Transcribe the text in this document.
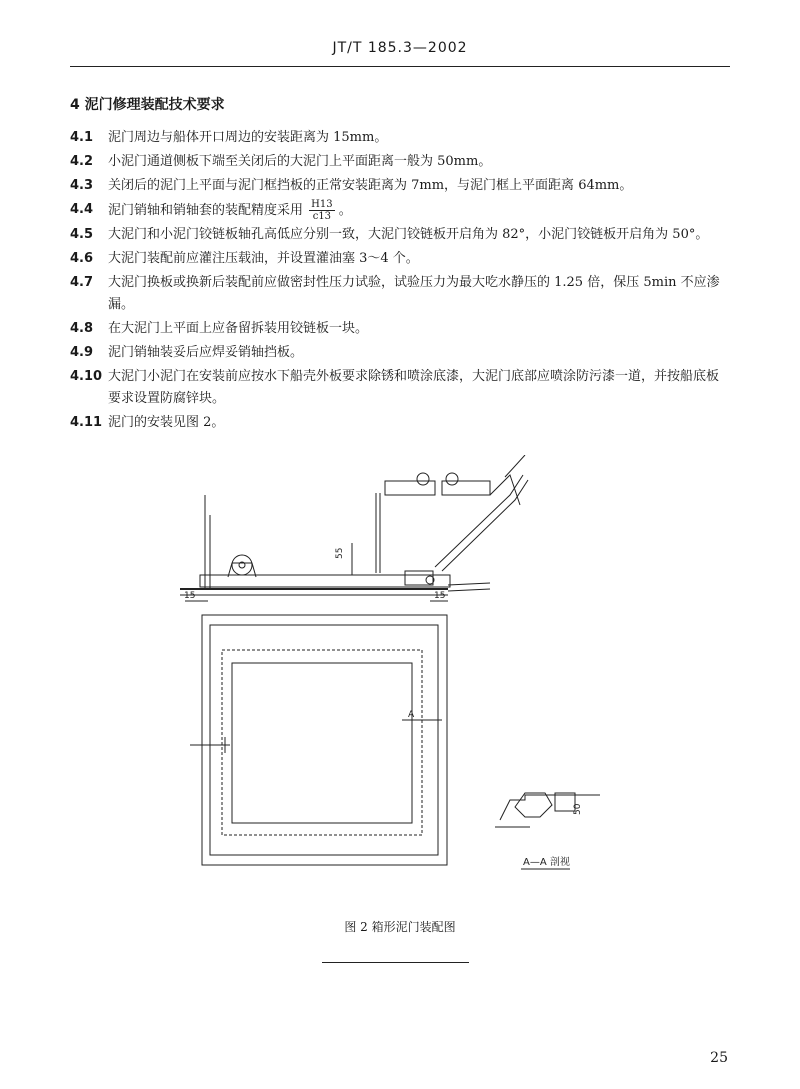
JT/T 185.3—2002
4 泥门修理装配技术要求
4.1	泥门周边与船体开口周边的安装距离为 15mm。
4.2	小泥门通道侧板下端至关闭后的大泥门上平面距离一般为 50mm。
4.3	关闭后的泥门上平面与泥门框挡板的正常安装距离为 7mm，与泥门框上平面距离 64mm。
4.4	泥门销轴和销轴套的装配精度采用 $\frac{H13}{c13}$ 。
4.5	大泥门和小泥门铰链板轴孔高低应分别一致，大泥门铰链板开启角为 82°，小泥门铰链板开启角为 50°。
4.6	大泥门装配前应灌注压载油，并设置灌油塞 3～4 个。
4.7	大泥门换板或换新后装配前应做密封性压力试验，试验压力为最大吃水静压的 1.25 倍，保压 5min 不应渗漏。
4.8	在大泥门上平面上应备留拆装用铰链板一块。
4.9	泥门销轴装妥后应焊妥销轴挡板。
4.10 大泥门小泥门在安装前应按水下船壳外板要求除锈和喷涂底漆，大泥门底部应喷涂防污漆一道，并按船底板要求设置防腐锌块。
4.11 泥门的安装见图 2。
55
15	15
A
50
A—A 剖视
图 2 箱形泥门装配图
25
